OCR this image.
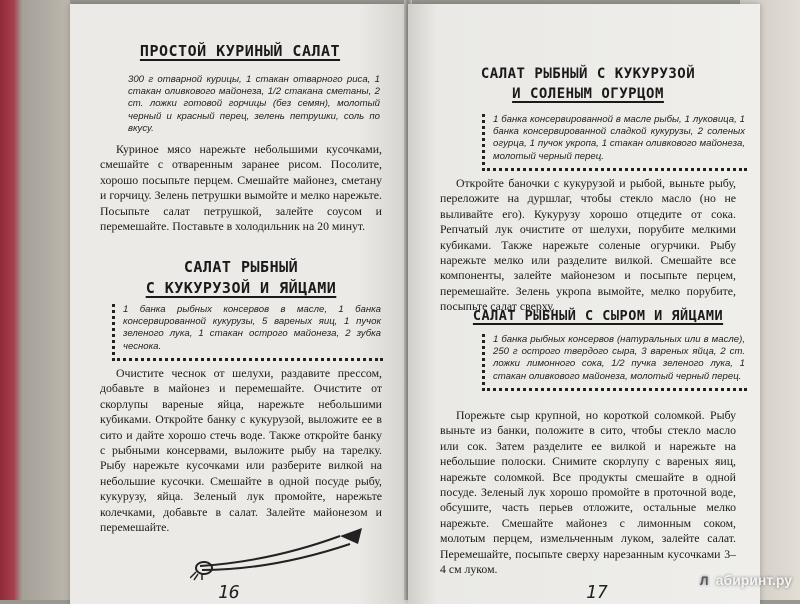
ПРОСТОЙ КУРИНЫЙ САЛАТ

300 г отварной курицы, 1 стакан отварного риса, 1 стакан оливкового майонеза, 1/2 стакана сметаны, 2 ст. ложки готовой горчицы (без семян), молотый черный и красный перец, зелень петрушки, соль по вкусу.

Куриное мясо нарежьте небольшими кусочками, смешайте с отваренным заранее рисом. Посолите, хорошо посыпьте перцем. Смешайте майонез, сметану и горчицу. Зелень петрушки вымойте и мелко нарежьте. Посыпьте салат петрушкой, залейте соусом и перемешайте. Поставьте в холодильник на 20 минут.

САЛАТ РЫБНЫЙ
С КУКУРУЗОЙ И ЯЙЦАМИ

1 банка рыбных консервов в масле, 1 банка консервированной кукурузы, 5 вареных яиц, 1 пучок зеленого лука, 1 стакан острого майонеза, 2 зубка чеснока.

Очистите чеснок от шелухи, раздавите прессом, добавьте в майонез и перемешайте. Очистите от скорлупы вареные яйца, нарежьте небольшими кубиками. Откройте банку с кукурузой, выложите ее в сито и дайте хорошо стечь воде. Также откройте банку с рыбными консервами, выложите рыбу на тарелку. Рыбу нарежьте кусочками или разберите вилкой на небольшие кусочки. Смешайте в одной посуде рыбу, кукурузу, яйца. Зеленый лук промойте, нарежьте колечками, добавьте в салат. Залейте майонезом и перемешайте.

16
САЛАТ РЫБНЫЙ С КУКУРУЗОЙ
И СОЛЕНЫМ ОГУРЦОМ

1 банка консервированной в масле рыбы, 1 луковица, 1 банка консервированной сладкой кукурузы, 2 соленых огурца, 1 пучок укропа, 1 стакан оливкового майонеза, молотый черный перец.

Откройте баночки с кукурузой и рыбой, выньте рыбу, переложите на дуршлаг, чтобы стекло масло (но не выливайте его). Кукурузу хорошо отцедите от сока. Репчатый лук очистите от шелухи, порубите мелкими кубиками. Также нарежьте соленые огурчики. Рыбу нарежьте мелко или разделите вилкой. Смешайте все компоненты, залейте майонезом и посыпьте перцем, перемешайте. Зелень укропа вымойте, мелко порубите, посыпьте салат сверху.

САЛАТ РЫБНЫЙ С СЫРОМ И ЯЙЦАМИ

1 банка рыбных консервов (натуральных или в масле), 250 г острого твердого сыра, 3 вареных яйца, 2 ст. ложки лимонного сока, 1/2 пучка зеленого лука, 1 стакан оливкового майонеза, молотый черный перец.

Порежьте сыр крупной, но короткой соломкой. Рыбу выньте из банки, положите в сито, чтобы стекло масло или сок. Затем разделите ее вилкой и нарежьте на небольшие полоски. Снимите скорлупу с вареных яиц, нарежьте соломкой. Все продукты смешайте в одной посуде. Зеленый лук хорошо промойте в проточной воде, обсушите, часть перьев отложите, остальные мелко нарежьте. Смешайте майонез с лимонным соком, молотым перцем, измельченным луком, залейте салат. Перемешайте, посыпьте сверху нарезанным кусочками 3–4 см луком.

17
Л абиринт.ру
